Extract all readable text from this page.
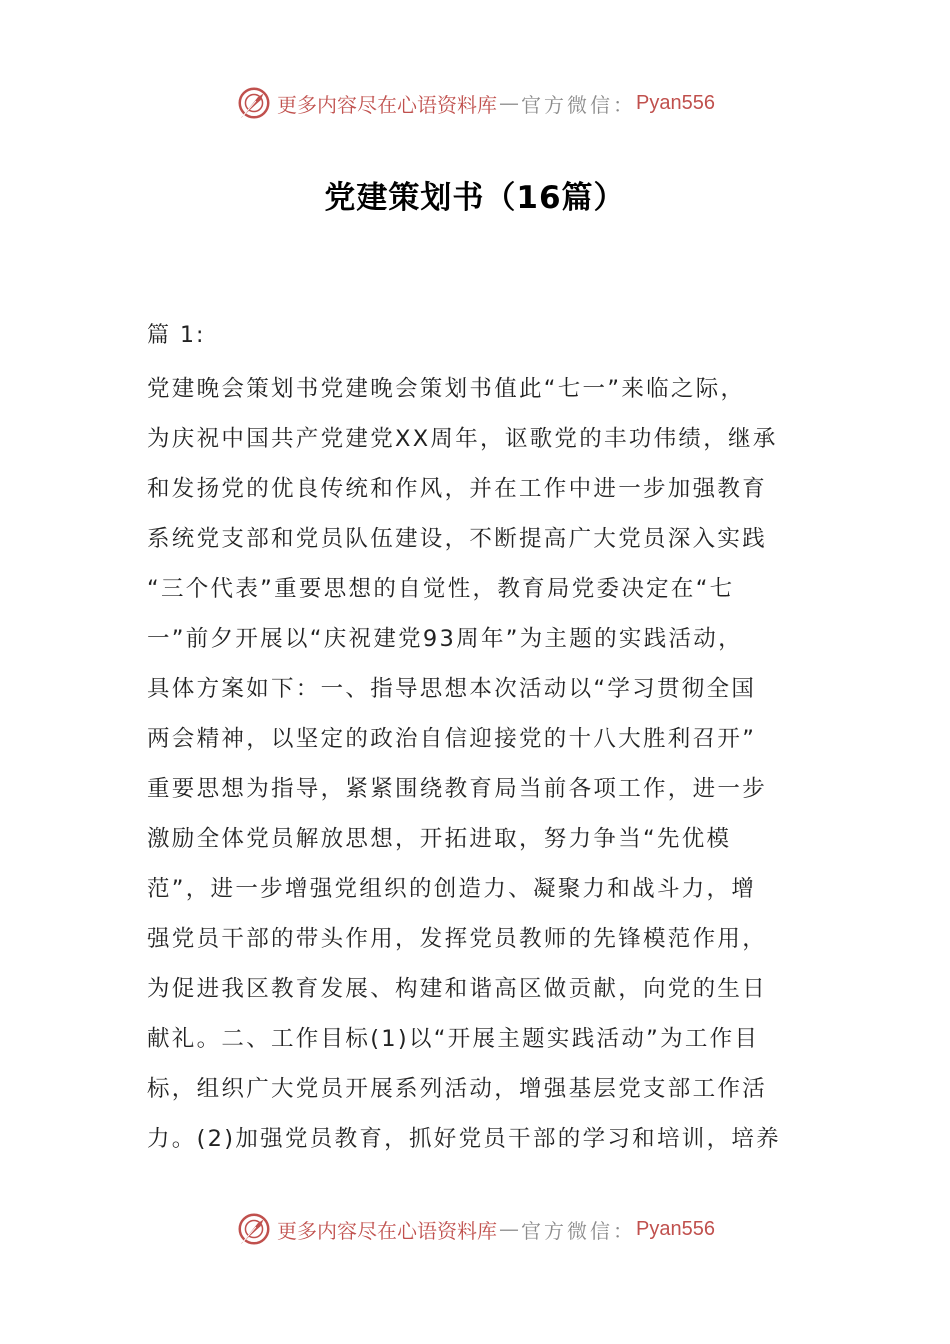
更多内容尽在心语资料库 — 官方微信： Pyan556
党建策划书（16篇）
篇 1:
党建晚会策划书党建晚会策划书值此“七一”来临之际，
为庆祝中国共产党建党XX周年，讴歌党的丰功伟绩，继承
和发扬党的优良传统和作风，并在工作中进一步加强教育
系统党支部和党员队伍建设，不断提高广大党员深入实践
“三个代表”重要思想的自觉性，教育局党委决定在“七
一”前夕开展以“庆祝建党93周年”为主题的实践活动，
具体方案如下：一、指导思想本次活动以“学习贯彻全国
两会精神，以坚定的政治自信迎接党的十八大胜利召开”
重要思想为指导，紧紧围绕教育局当前各项工作，进一步
激励全体党员解放思想，开拓进取，努力争当“先优模
范”，进一步增强党组织的创造力、凝聚力和战斗力，增
强党员干部的带头作用，发挥党员教师的先锋模范作用，
为促进我区教育发展、构建和谐高区做贡献，向党的生日
献礼。二、工作目标(1)以“开展主题实践活动”为工作目
标，组织广大党员开展系列活动，增强基层党支部工作活
力。(2)加强党员教育，抓好党员干部的学习和培训，培养
更多内容尽在心语资料库 — 官方微信： Pyan556
